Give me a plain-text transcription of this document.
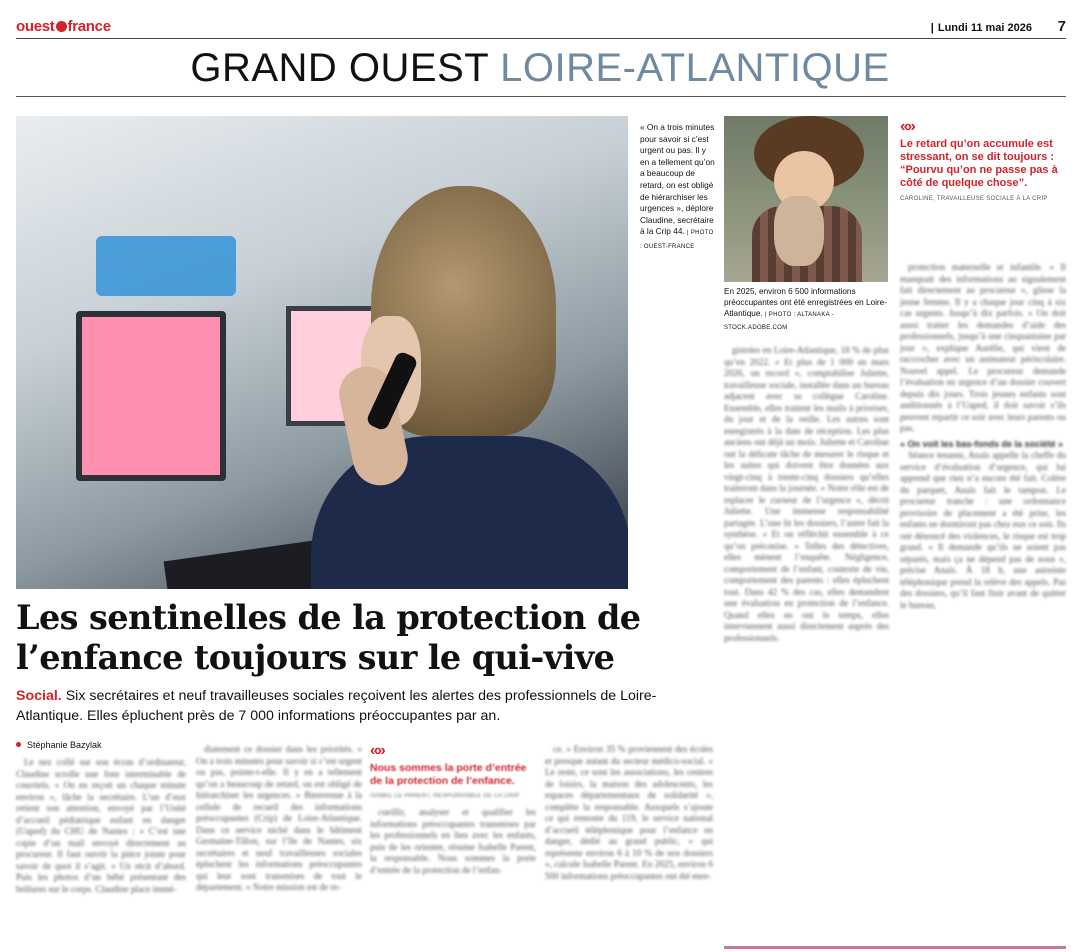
ouest france	| Lundi 11 mai 2026 7
GRAND OUEST LOIRE-ATLANTIQUE
« On a trois minutes pour savoir si c’est urgent ou pas. Il y en a tellement qu’on a beaucoup de retard, on est obligé de hiérarchiser les urgences », déplore Claudine, secrétaire à la Crip 44. | PHOTO : OUEST-FRANCE
En 2025, environ 6 500 informations préoccupantes ont été enregistrées en Loire-Atlantique. | PHOTO : ALTANAKA - STOCK.ADOBE.COM
«»
Le retard qu’on accumule est stressant, on se dit toujours : “Pourvu qu’on ne passe pas à côté de quelque chose”.
CAROLINE, TRAVAILLEUSE SOCIALE À LA CRIP
Les sentinelles de la protection de l’enfance toujours sur le qui-vive
Social. Six secrétaires et neuf travailleuses sociales reçoivent les alertes des professionnels de Loire-Atlantique. Elles épluchent près de 7 000 informations préoccupantes par an.
Stéphanie Bazylak

Le nez collé sur son écran d’ordinateur, Claudine scrolle une liste interminable de courriels. « On en reçoit un chaque minute environ », lâche la secrétaire. L’un d’eux retient son attention, envoyé par l’Unité d’accueil pédiatrique enfant en danger (Uaped) du CHU de Nantes : « C’est une copie d’un mail envoyé directement au procureur. Il faut ouvrir la pièce jointe pour savoir de quoi il s’agit. » Un récit d’abord. Puis les photos d’un bébé présentant des brûlures sur le corps. Claudine place immé-

diatement ce dossier dans les priorités. « On a trois minutes pour savoir si c’est urgent ou pas, pointe-t-elle. Il y en a tellement qu’on a beaucoup de retard, on est obligé de hiérarchiser les urgences. » Bienvenue à la cellule de recueil des informations préoccupantes (Crip) de Loire-Atlantique. Dans ce service niché dans le bâtiment Germaine-Tillon, sur l’île de Nantes, six secrétaires et neuf travailleuses sociales épluchent les informations préoccupantes qui leur sont transmises de tout le département. « Notre mission est de re-

«»
Nous sommes la porte d’entrée de la protection de l’enfance.
ISABEL LE PARENT, RESPONSABLE DE LA CRIP

cueillir, analyser et qualifier les informations préoccupantes transmises par les professionnels en lien avec les enfants, puis de les orienter, résume Isabelle Parent, la responsable. Nous sommes la porte d’entrée de la protection de l’enfan-

ce. » Environ 35 % proviennent des écoles et presque autant du secteur médico-social. « Le reste, ce sont les associations, les centres de loisirs, la maison des adolescents, les espaces départementaux de solidarité », complète la responsable. Auxquels s’ajoute ce qui remonte du 119, le service national d’accueil téléphonique pour l’enfance en danger, dédié au grand public, « qui représente environ 6 à 10 % de nos dossiers », calcule Isabelle Parent. En 2025, environ 6 500 informations préoccupantes ont été enre-

gistrées en Loire-Atlantique, 18 % de plus qu’en 2022. « Et plus de 1 000 en mars 2026, un record », comptabilise Juliette, travailleuse sociale, installée dans un bureau adjacent avec sa collègue Caroline. Ensemble, elles traitent les mails à prioriser, du jour et de la veille. Les autres sont enregistrés à la date de réception. Les plus anciens ont déjà un mois. Juliette et Caroline ont la délicate tâche de mesurer le risque et les suites qui doivent être données aux vingt-cinq à trente-cinq dossiers qu’elles traiteront dans la journée. « Notre rôle est de replacer le curseur de l’urgence », décrit Juliette. Une immense responsabilité partagée. L’une lit les dossiers, l’autre fait la synthèse. « Et on réfléchit ensemble à ce qu’on préconise. » Telles des détectives, elles mènent l’enquête. Négligence, comportement de l’enfant, contexte de vie, comportement des parents : elles épluchent tout. Dans 42 % des cas, elles demandent une évaluation en protection de l’enfance. Quand elles en ont le temps, elles interviennent aussi directement auprès des professionnels.

protection maternelle et infantile. « Il manquait des informations au signalement fait directement au procureur », glisse la jeune femme. Il y a chaque jour cinq à six cas urgents. Jusqu’à dix parfois. « On doit aussi traiter les demandes d’aide des professionnels, jusqu’à une cinquantaine par jour », explique Aurélie, qui vient de raccrocher avec un animateur périscolaire. Nouvel appel. Le procureur demande l’évaluation en urgence d’un dossier couvert depuis dix jours. Trois jeunes enfants sont auditionnés à l’Uaped, il doit savoir s’ils peuvent repartir ce soir avec leurs parents ou pas.

« On voit les bas-fonds de la société »

Séance tenante, Anaïs appelle la cheffe du service d’évaluation d’urgence, qui lui apprend que rien n’a encore été fait. Colère du parquet, Anaïs fait le tampon. Le procureur tranche : une ordonnance provisoire de placement a été prise, les enfants ne dormiront pas chez eux ce soir. Ils ont dénoncé des violences, le risque est trop grand. « Il demande qu’ils ne soient pas séparés, mais ça ne dépend pas de nous », précise Anaïs. À 18 h, une astreinte téléphonique prend la relève des appels. Pas des dossiers, qu’il faut finir avant de quitter le bureau.
